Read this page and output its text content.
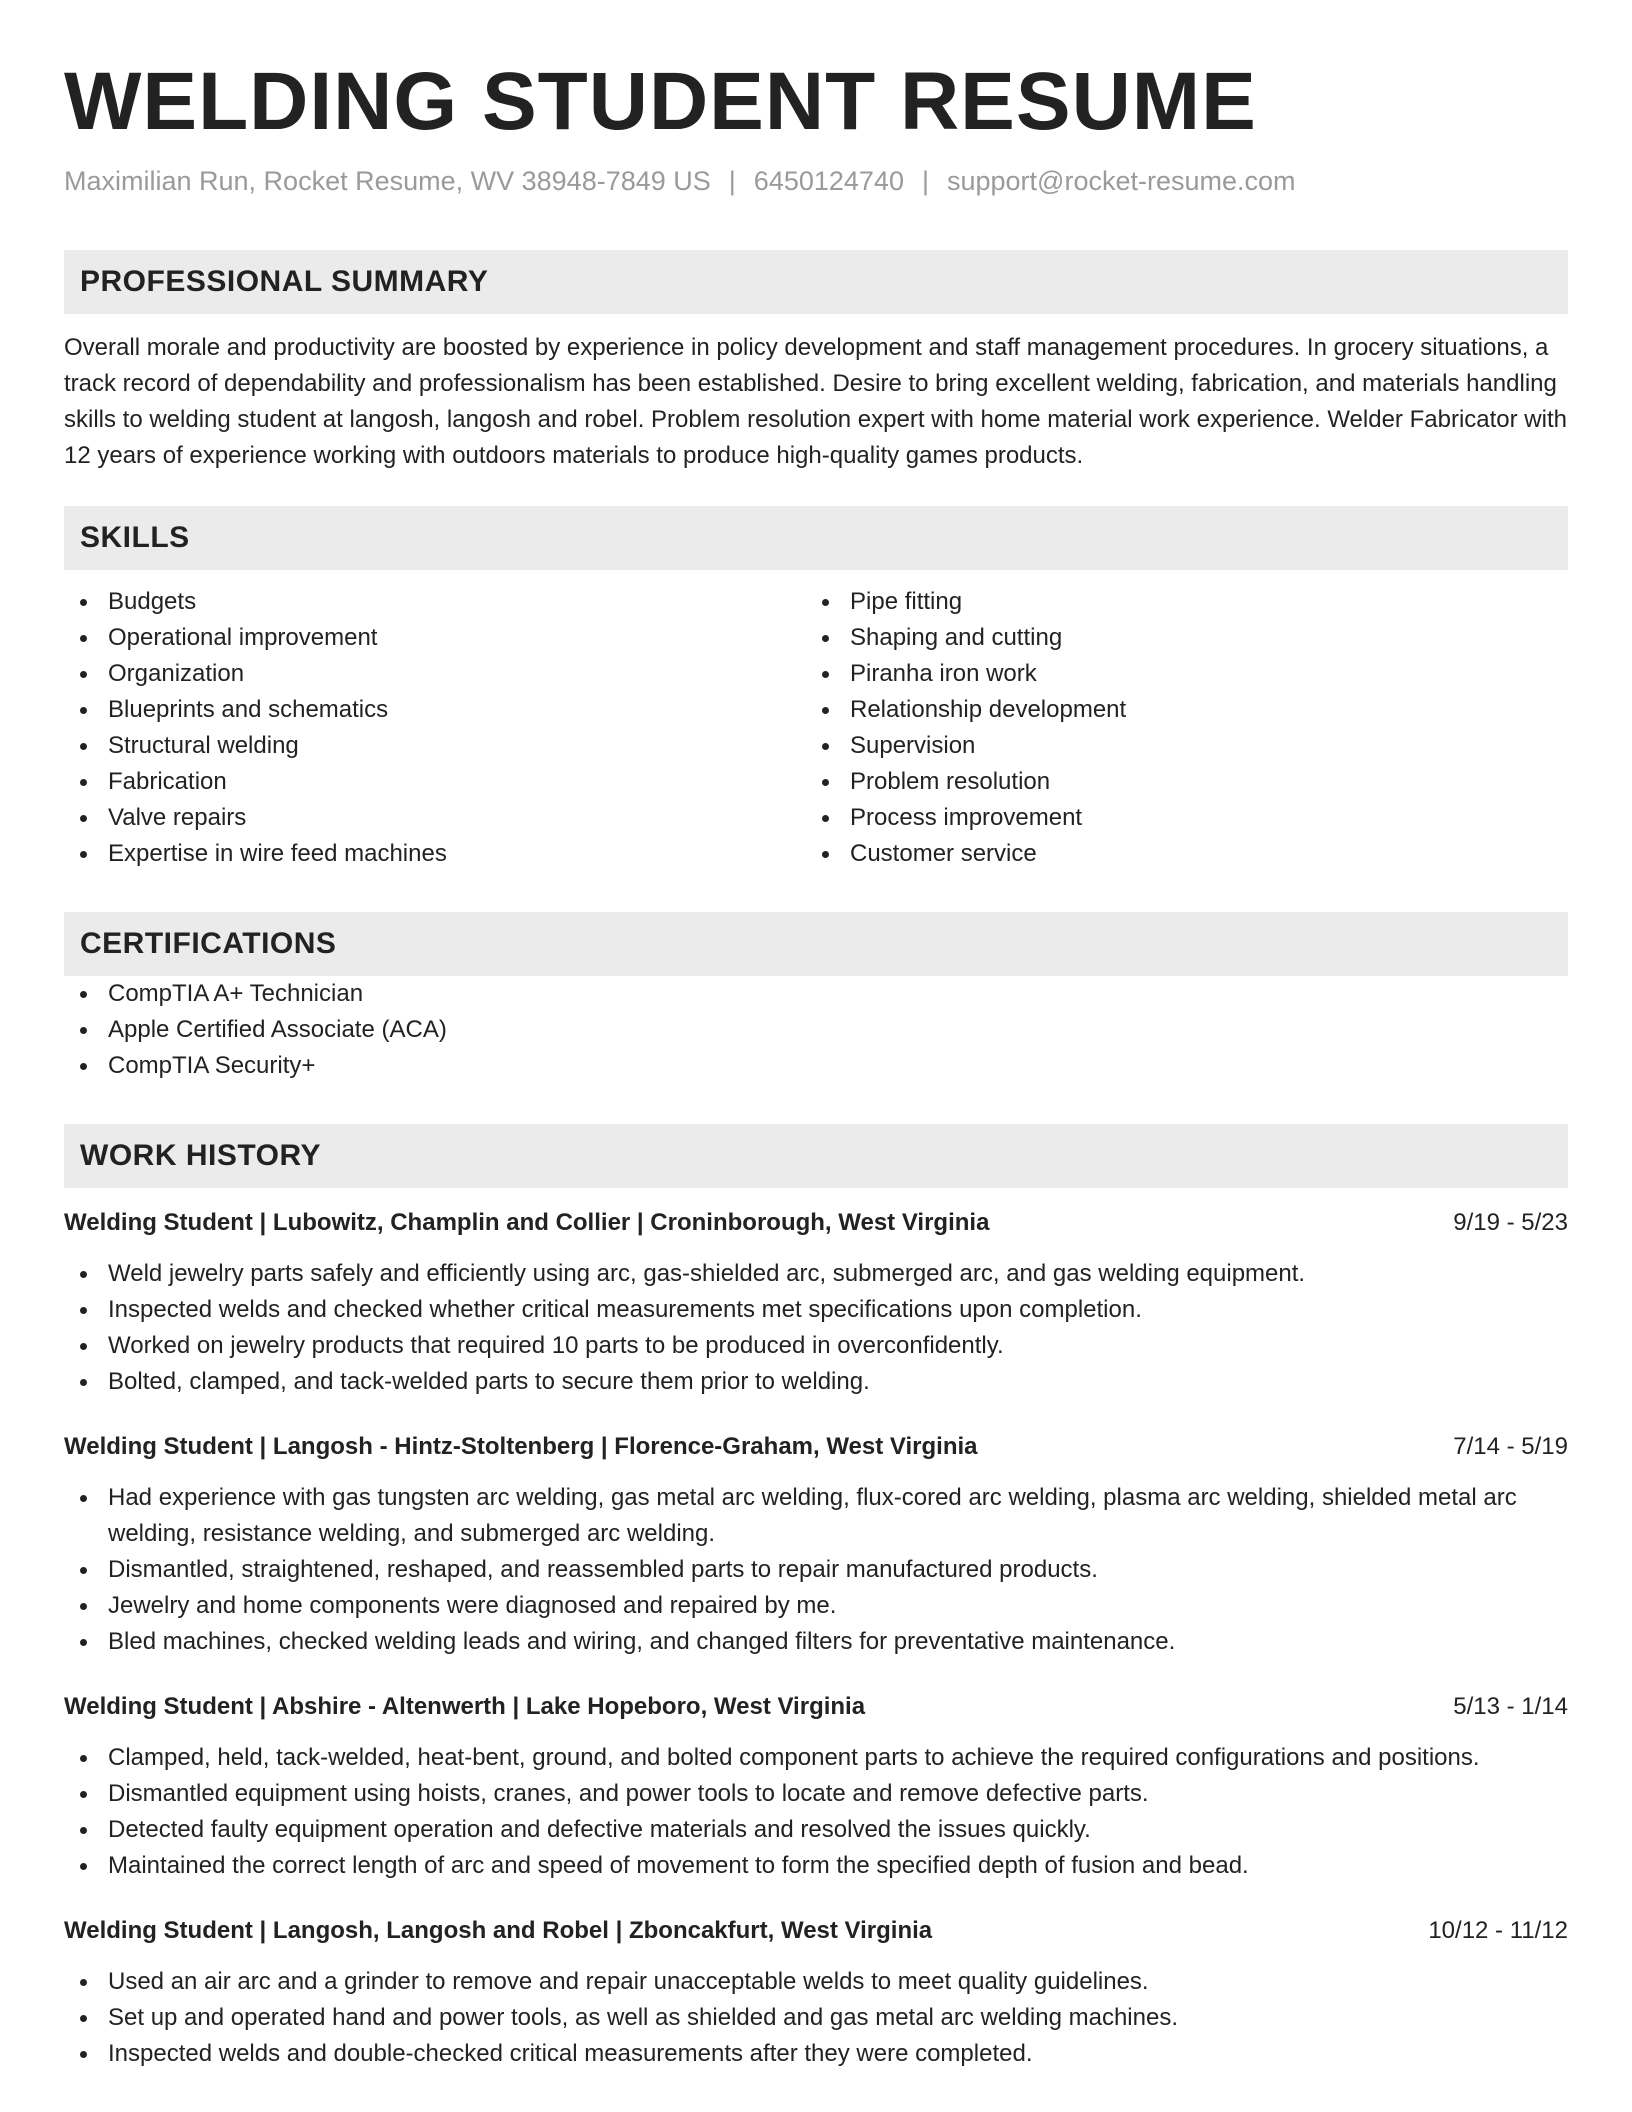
WELDING STUDENT RESUME
Maximilian Run, Rocket Resume, WV 38948-7849 US | 6450124740 | support@rocket-resume.com
PROFESSIONAL SUMMARY
Overall morale and productivity are boosted by experience in policy development and staff management procedures. In grocery situations, a track record of dependability and professionalism has been established. Desire to bring excellent welding, fabrication, and materials handling skills to welding student at langosh, langosh and robel. Problem resolution expert with home material work experience. Welder Fabricator with 12 years of experience working with outdoors materials to produce high-quality games products.
SKILLS
Budgets
Operational improvement
Organization
Blueprints and schematics
Structural welding
Fabrication
Valve repairs
Expertise in wire feed machines
Pipe fitting
Shaping and cutting
Piranha iron work
Relationship development
Supervision
Problem resolution
Process improvement
Customer service
CERTIFICATIONS
CompTIA A+ Technician
Apple Certified Associate (ACA)
CompTIA Security+
WORK HISTORY
Welding Student | Lubowitz, Champlin and Collier | Croninborough, West Virginia	9/19 - 5/23
Weld jewelry parts safely and efficiently using arc, gas-shielded arc, submerged arc, and gas welding equipment.
Inspected welds and checked whether critical measurements met specifications upon completion.
Worked on jewelry products that required 10 parts to be produced in overconfidently.
Bolted, clamped, and tack-welded parts to secure them prior to welding.
Welding Student | Langosh - Hintz-Stoltenberg | Florence-Graham, West Virginia	7/14 - 5/19
Had experience with gas tungsten arc welding, gas metal arc welding, flux-cored arc welding, plasma arc welding, shielded metal arc welding, resistance welding, and submerged arc welding.
Dismantled, straightened, reshaped, and reassembled parts to repair manufactured products.
Jewelry and home components were diagnosed and repaired by me.
Bled machines, checked welding leads and wiring, and changed filters for preventative maintenance.
Welding Student | Abshire - Altenwerth | Lake Hopeboro, West Virginia	5/13 - 1/14
Clamped, held, tack-welded, heat-bent, ground, and bolted component parts to achieve the required configurations and positions.
Dismantled equipment using hoists, cranes, and power tools to locate and remove defective parts.
Detected faulty equipment operation and defective materials and resolved the issues quickly.
Maintained the correct length of arc and speed of movement to form the specified depth of fusion and bead.
Welding Student | Langosh, Langosh and Robel | Zboncakfurt, West Virginia	10/12 - 11/12
Used an air arc and a grinder to remove and repair unacceptable welds to meet quality guidelines.
Set up and operated hand and power tools, as well as shielded and gas metal arc welding machines.
Inspected welds and double-checked critical measurements after they were completed.
